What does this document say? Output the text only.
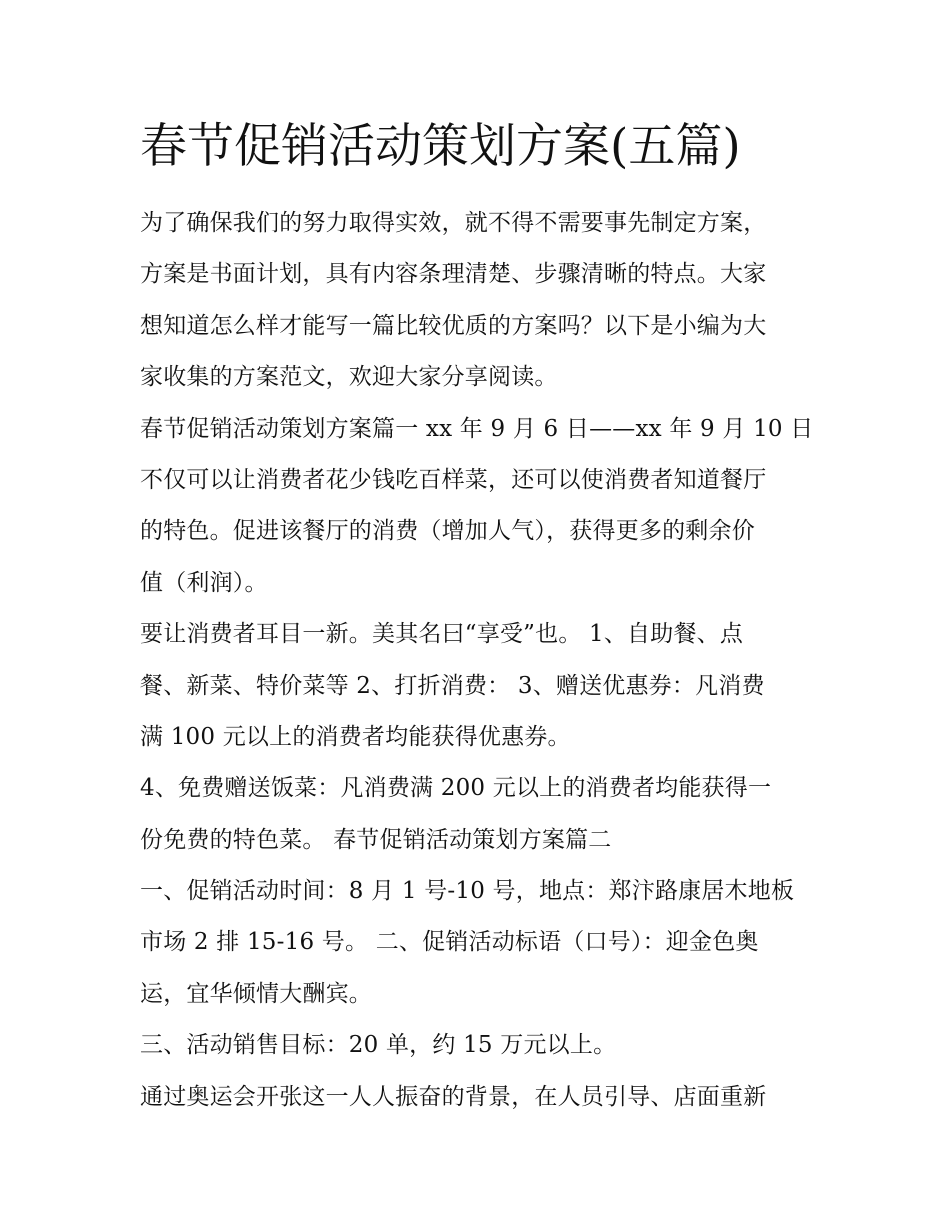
春节促销活动策划方案(五篇)
为了确保我们的努力取得实效，就不得不需要事先制定方案，
方案是书面计划，具有内容条理清楚、步骤清晰的特点。大家
想知道怎么样才能写一篇比较优质的方案吗？以下是小编为大
家收集的方案范文，欢迎大家分享阅读。
春节促销活动策划方案篇一 xx 年 9 月 6 日——xx 年 9 月 10 日
不仅可以让消费者花少钱吃百样菜，还可以使消费者知道餐厅
的特色。促进该餐厅的消费（增加人气），获得更多的剩余价
值（利润）。
要让消费者耳目一新。美其名曰“享受”也。 1、自助餐、点
餐、新菜、特价菜等 2、打折消费： 3、赠送优惠券：凡消费
满 100 元以上的消费者均能获得优惠券。
4、免费赠送饭菜：凡消费满 200 元以上的消费者均能获得一
份免费的特色菜。 春节促销活动策划方案篇二
一、促销活动时间：8 月 1 号-10 号，地点：郑汴路康居木地板
市场 2 排 15-16 号。 二、促销活动标语（口号）：迎金色奥
运，宜华倾情大酬宾。
三、活动销售目标：20 单，约 15 万元以上。
通过奥运会开张这一人人振奋的背景，在人员引导、店面重新
